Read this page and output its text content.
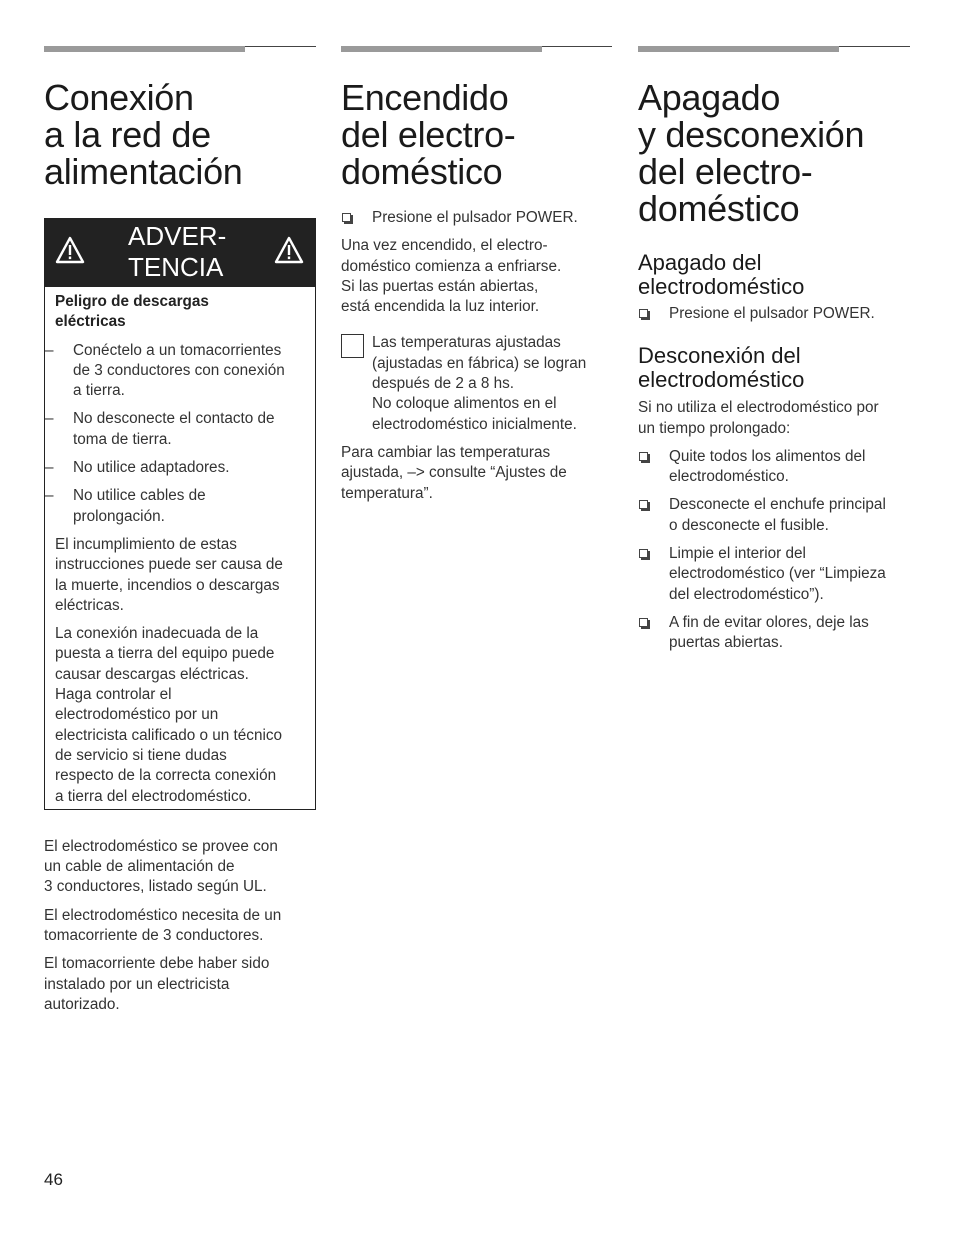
Conexión
a la red de
alimentación
ADVER-
TENCIA

Peligro de descargas
eléctricas

– Conéctelo a un tomacorrientes
de 3 conductores con conexión
a tierra.

– No desconecte el contacto de
toma de tierra.

– No utilice adaptadores.

– No utilice cables de
prolongación.

El incumplimiento de estas
instrucciones puede ser causa de
la muerte, incendios o descargas
eléctricas.

La conexión inadecuada de la
puesta a tierra del equipo puede
causar descargas eléctricas.
Haga controlar el
electrodoméstico por un
electricista calificado o un técnico
de servicio si tiene dudas
respecto de la correcta conexión
a tierra del electrodoméstico.

El electrodoméstico se provee con
un cable de alimentación de
3 conductores, listado según UL.

El electrodoméstico necesita de un
tomacorriente de 3 conductores.

El tomacorriente debe haber sido
instalado por un electricista
autorizado.

Encendido
del electro-
doméstico

Presione el pulsador POWER.

Una vez encendido, el electro-
doméstico comienza a enfriarse.
Si las puertas están abiertas,
está encendida la luz interior.

Las temperaturas ajustadas
(ajustadas en fábrica) se logran
después de 2 a 8 hs.
No coloque alimentos en el
electrodoméstico inicialmente.

Para cambiar las temperaturas
ajustada, –> consulte “Ajustes de
temperatura”.

Apagado
y desconexión
del electro-
doméstico
Apagado del
electrodoméstico

Presione el pulsador POWER.

Desconexión del
electrodoméstico

Si no utiliza el electrodoméstico por
un tiempo prolongado:

Quite todos los alimentos del
electrodoméstico.

Desconecte el enchufe principal
o desconecte el fusible.

Limpie el interior del
electrodoméstico (ver “Limpieza
del electrodoméstico”).

A fin de evitar olores, deje las
puertas abiertas.

46
